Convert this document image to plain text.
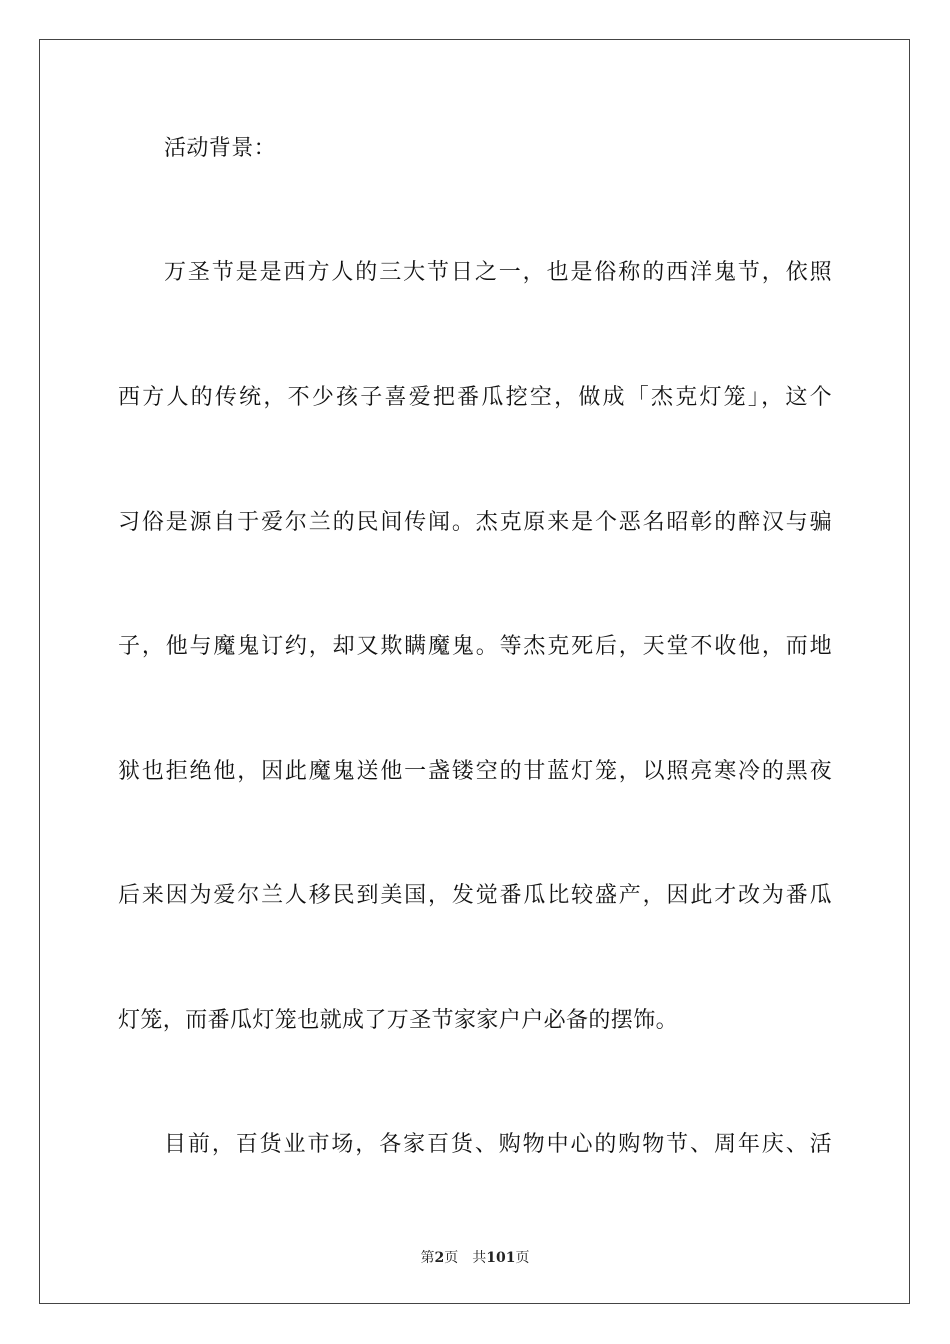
活动背景：
万圣节是是西方人的三大节日之一，也是俗称的西洋鬼节，依照
西方人的传统，不少孩子喜爱把番瓜挖空，做成「杰克灯笼」，这个
习俗是源自于爱尔兰的民间传闻。杰克原来是个恶名昭彰的醉汉与骗
子，他与魔鬼订约，却又欺瞒魔鬼。等杰克死后，天堂不收他，而地
狱也拒绝他，因此魔鬼送他一盏镂空的甘蓝灯笼，以照亮寒冷的黑夜
后来因为爱尔兰人移民到美国，发觉番瓜比较盛产，因此才改为番瓜
灯笼，而番瓜灯笼也就成了万圣节家家户户必备的摆饰。
目前，百货业市场，各家百货、购物中心的购物节、周年庆、活
第2页 共101页
